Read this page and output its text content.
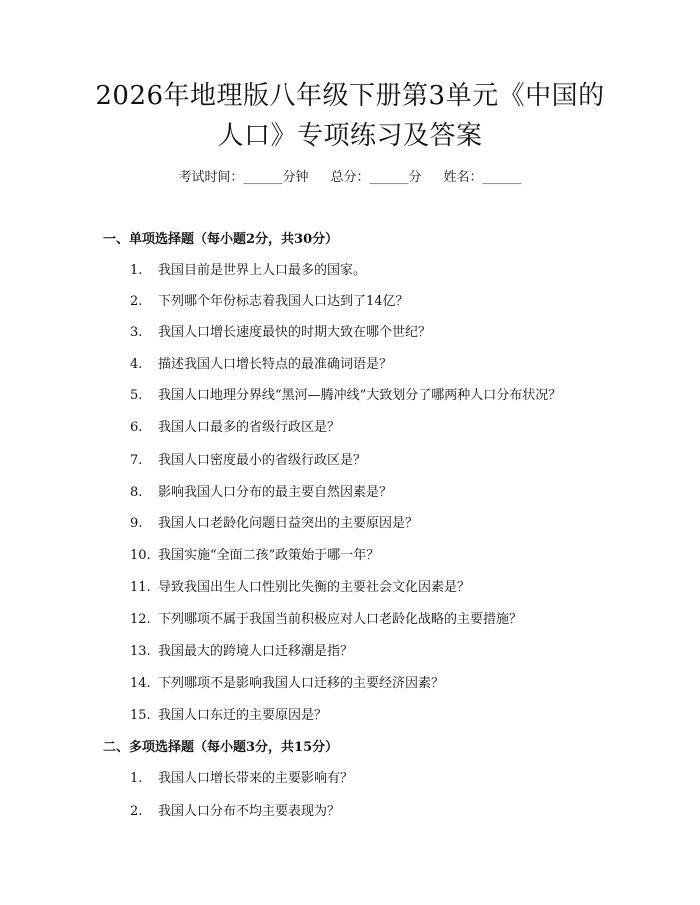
2026年地理版八年级下册第3单元《中国的
人口》专项练习及答案
考试时间：______分钟 总分：______分 姓名：______
一、单项选择题（每小题2分，共30分）
1. 我国目前是世界上人口最多的国家。
2. 下列哪个年份标志着我国人口达到了14亿？
3. 我国人口增长速度最快的时期大致在哪个世纪？
4. 描述我国人口增长特点的最准确词语是？
5. 我国人口地理分界线“黑河—腾冲线”大致划分了哪两种人口分布状况？
6. 我国人口最多的省级行政区是？
7. 我国人口密度最小的省级行政区是？
8. 影响我国人口分布的最主要自然因素是？
9. 我国人口老龄化问题日益突出的主要原因是？
10. 我国实施“全面二孩”政策始于哪一年？
11. 导致我国出生人口性别比失衡的主要社会文化因素是？
12. 下列哪项不属于我国当前积极应对人口老龄化战略的主要措施？
13. 我国最大的跨境人口迁移潮是指？
14. 下列哪项不是影响我国人口迁移的主要经济因素？
15. 我国人口东迁的主要原因是？
二、多项选择题（每小题3分，共15分）
1. 我国人口增长带来的主要影响有？
2. 我国人口分布不均主要表现为？
